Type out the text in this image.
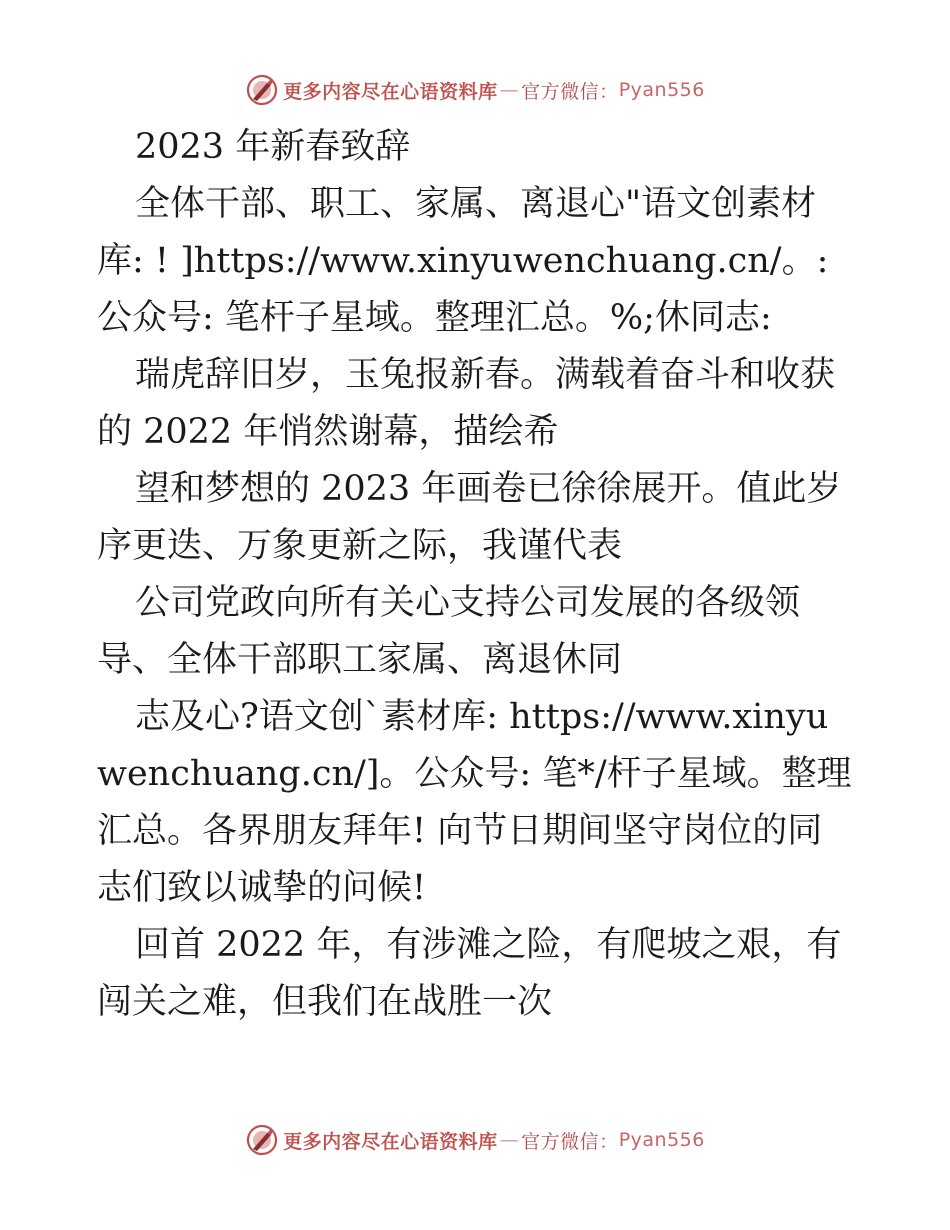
更多内容尽在心语资料库 — 官方微信 ： Pyan556

2023 年新春致辞

全体干部、职工、家属、离退心"语文创素材库: ! ]https://www.xinyuwenchuang.cn/。:公众号: 笔杆子星域。整理汇总。%;休同志:

瑞虎辞旧岁，玉兔报新春。满载着奋斗和收获的 2022 年悄然谢幕，描绘希

望和梦想的 2023 年画卷已徐徐展开。值此岁序更迭、万象更新之际，我谨代表

公司党政向所有关心支持公司发展的各级领导、全体干部职工家属、离退休同

志及心?语文创`素材库: https://www.xinyuwenchuang.cn/]。公众号: 笔*/杆子星域。整理汇总。各界朋友拜年! 向节日期间坚守岗位的同志们致以诚挚的问候!

回首 2022 年，有涉滩之险，有爬坡之艰，有闯关之难，但我们在战胜一次

更多内容尽在心语资料库 — 官方微信 ： Pyan556
